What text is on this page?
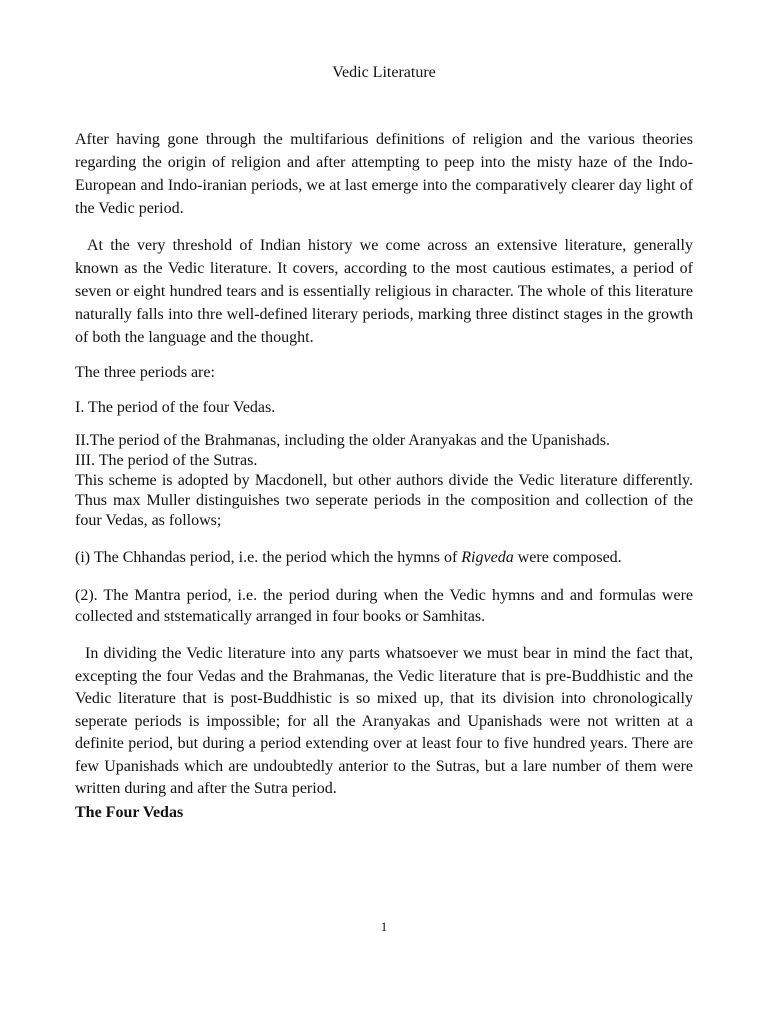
Vedic Literature

After having gone through the multifarious definitions of religion and the various theories regarding the origin of religion and after attempting to peep into the misty haze of the Indo-European and Indo-iranian periods, we at last emerge into the comparatively clearer day light of the Vedic period.

At the very threshold of Indian history we come across an extensive literature, generally known as the Vedic literature. It covers, according to the most cautious estimates, a period of seven or eight hundred tears and is essentially religious in character. The whole of this literature naturally falls into thre well-defined literary periods, marking three distinct stages in the growth of both the language and the thought.

The three periods are:

I. The period of the four Vedas.

II.The period of the Brahmanas, including the older Aranyakas and the Upanishads.

III. The period of the Sutras.

This scheme is adopted by Macdonell, but other authors divide the Vedic literature differently. Thus max Muller distinguishes two seperate periods in the composition and collection of the four Vedas, as follows;

(i) The Chhandas period, i.e. the period which the hymns of Rigveda were composed.

(2). The Mantra period, i.e. the period during when the Vedic hymns and and formulas were collected and ststematically arranged in four books or Samhitas.

In dividing the Vedic literature into any parts whatsoever we must bear in mind the fact that, excepting the four Vedas and the Brahmanas, the Vedic literature that is pre-Buddhistic and the Vedic literature that is post-Buddhistic is so mixed up, that its division into chronologically seperate periods is impossible; for all the Aranyakas and Upanishads were not written at a definite period, but during a period extending over at least four to five hundred years. There are few Upanishads which are undoubtedly anterior to the Sutras, but a lare number of them were written during and after the Sutra period.

The Four Vedas

1
